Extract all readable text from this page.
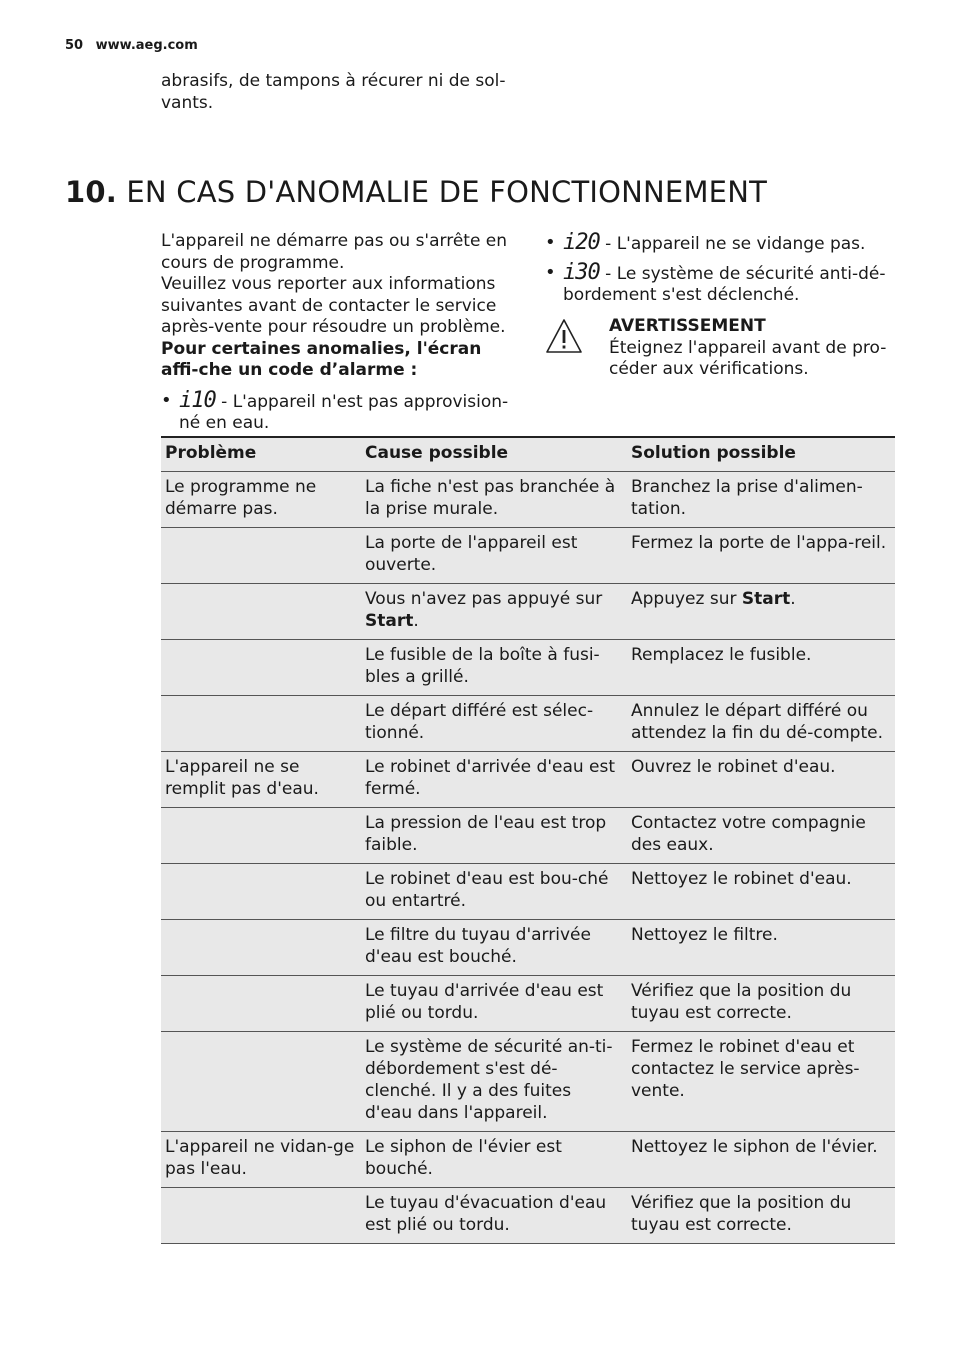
50 www.aeg.com
abrasifs, de tampons à récurer ni de sol-vants.
10. EN CAS D'ANOMALIE DE FONCTIONNEMENT

L'appareil ne démarre pas ou s'arrête en cours de programme.

Veuillez vous reporter aux informations suivantes avant de contacter le service après-vente pour résoudre un problème.

Pour certaines anomalies, l'écran affi-che un code d’alarme :

• i10 - L'appareil n'est pas approvision-né en eau.
• i20 - L'appareil ne se vidange pas.
• i30 - Le système de sécurité anti-dé-bordement s'est déclenché.
AVERTISSEMENT
Éteignez l'appareil avant de pro-céder aux vérifications.
Problème	Cause possible	Solution possible
Le programme ne démarre pas.	La fiche n'est pas branchée à la prise murale.	Branchez la prise d'alimen-tation.
	La porte de l'appareil est ouverte.	Fermez la porte de l'appa-reil.
	Vous n'avez pas appuyé sur Start.	Appuyez sur Start.
	Le fusible de la boîte à fusi-bles a grillé.	Remplacez le fusible.
	Le départ différé est sélec-tionné.	Annulez le départ différé ou attendez la fin du dé-compte.
L'appareil ne se remplit pas d'eau.	Le robinet d'arrivée d'eau est fermé.	Ouvrez le robinet d'eau.
	La pression de l'eau est trop faible.	Contactez votre compagnie des eaux.
	Le robinet d'eau est bou-ché ou entartré.	Nettoyez le robinet d'eau.
	Le filtre du tuyau d'arrivée d'eau est bouché.	Nettoyez le filtre.
	Le tuyau d'arrivée d'eau est plié ou tordu.	Vérifiez que la position du tuyau est correcte.
	Le système de sécurité an-ti-débordement s'est dé-clenché. Il y a des fuites d'eau dans l'appareil.	Fermez le robinet d'eau et contactez le service après-vente.
L'appareil ne vidan-ge pas l'eau.	Le siphon de l'évier est bouché.	Nettoyez le siphon de l'évier.
	Le tuyau d'évacuation d'eau est plié ou tordu.	Vérifiez que la position du tuyau est correcte.
